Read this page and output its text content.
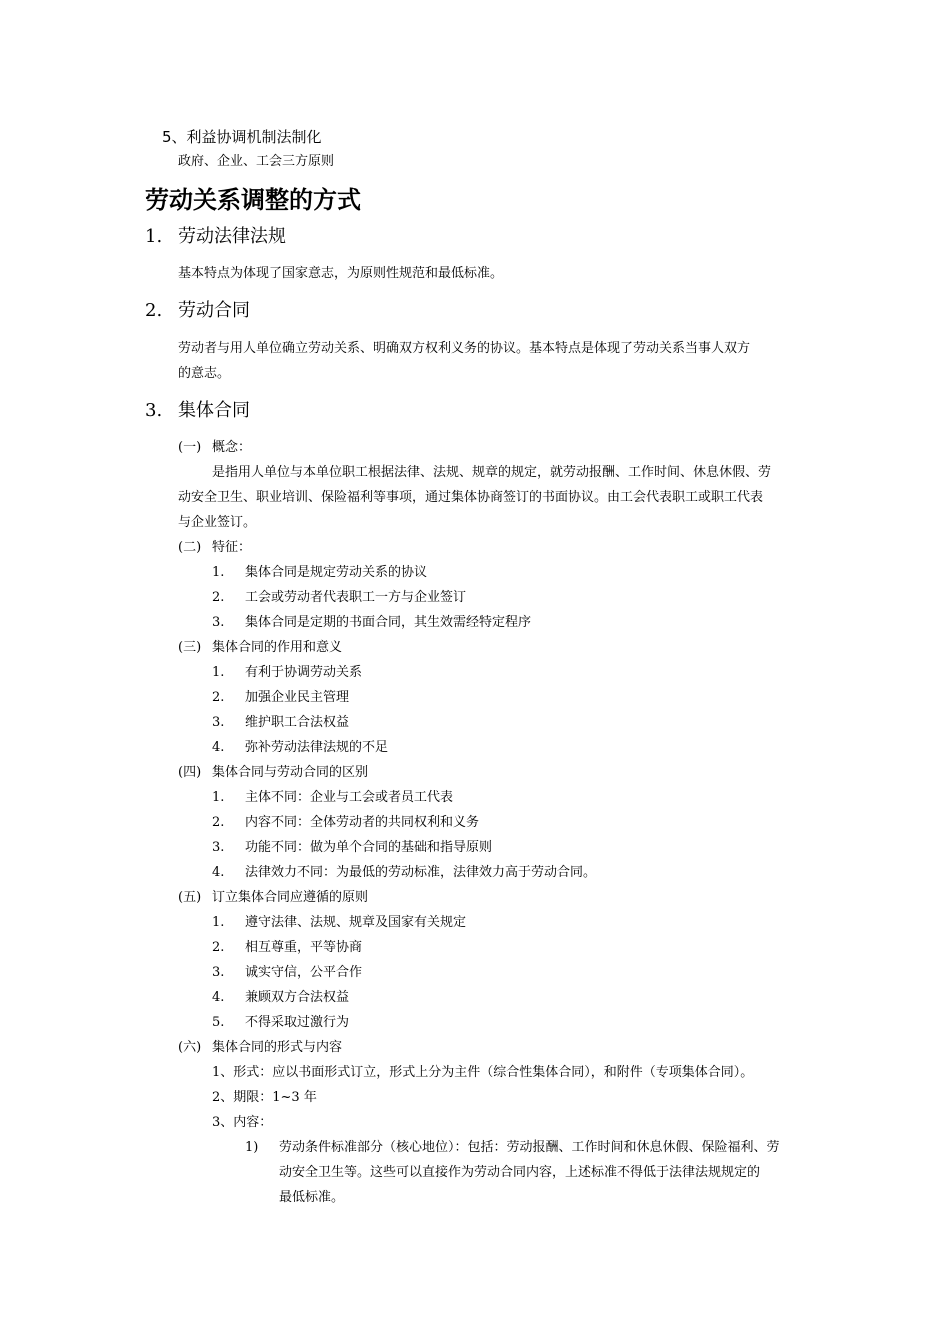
5、利益协调机制法制化
政府、企业、工会三方原则
劳动关系调整的方式
1. 劳动法律法规
基本特点为体现了国家意志，为原则性规范和最低标准。
2. 劳动合同
劳动者与用人单位确立劳动关系、明确双方权利义务的协议。基本特点是体现了劳动关系当事人双方
的意志。
3. 集体合同
(一) 概念：
是指用人单位与本单位职工根据法律、法规、规章的规定，就劳动报酬、工作时间、休息休假、劳
动安全卫生、职业培训、保险福利等事项，通过集体协商签订的书面协议。由工会代表职工或职工代表
与企业签订。
(二) 特征：
1. 集体合同是规定劳动关系的协议
2. 工会或劳动者代表职工一方与企业签订
3. 集体合同是定期的书面合同，其生效需经特定程序
(三) 集体合同的作用和意义
1. 有利于协调劳动关系
2. 加强企业民主管理
3. 维护职工合法权益
4. 弥补劳动法律法规的不足
(四) 集体合同与劳动合同的区别
1. 主体不同：企业与工会或者员工代表
2. 内容不同：全体劳动者的共同权利和义务
3. 功能不同：做为单个合同的基础和指导原则
4. 法律效力不同：为最低的劳动标准，法律效力高于劳动合同。
(五) 订立集体合同应遵循的原则
1. 遵守法律、法规、规章及国家有关规定
2. 相互尊重，平等协商
3. 诚实守信，公平合作
4. 兼顾双方合法权益
5. 不得采取过激行为
(六) 集体合同的形式与内容
1、形式：应以书面形式订立，形式上分为主件（综合性集体合同），和附件（专项集体合同）。
2、期限：1~3 年
3、内容：
1) 劳动条件标准部分（核心地位）：包括：劳动报酬、工作时间和休息休假、保险福利、劳
动安全卫生等。这些可以直接作为劳动合同内容，上述标准不得低于法律法规规定的
最低标准。
